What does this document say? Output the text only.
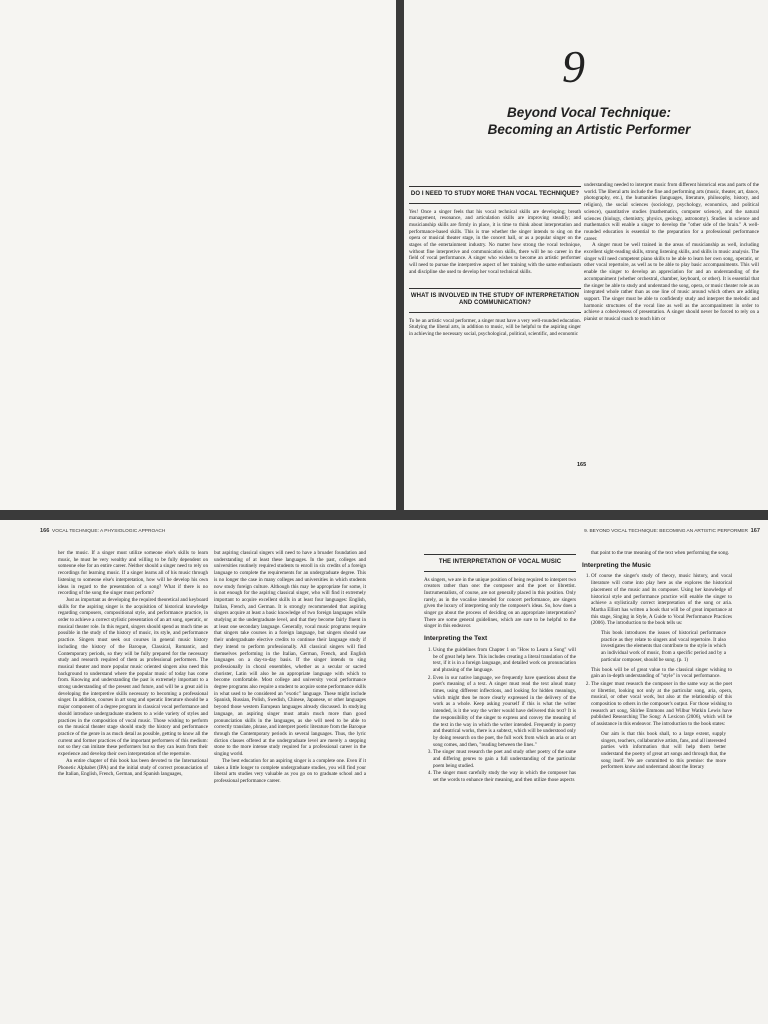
9
Beyond Vocal Technique:
Becoming an Artistic Performer
DO I NEED TO STUDY MORE THAN VOCAL TECHNIQUE?

Yes! Once a singer feels that his vocal technical skills are developing; breath management, resonance, and articulation skills are improving steadily; and musicianship skills are firmly in place, it is time to think about interpretation and performance-based skills. This is true whether the singer intends to sing on the opera or musical theater stage, in the concert hall, or as a popular singer on the stages of the entertainment industry. No matter how strong the vocal technique, without fine interpretive and communication skills, there will be no career in the field of vocal performance. A singer who wishes to become an artistic performer will need to pursue the interpretive aspect of her training with the same enthusiasm and discipline she used to develop her vocal technical skills.

WHAT IS INVOLVED IN THE STUDY OF INTERPRETATION AND COMMUNICATION?

To be an artistic vocal performer, a singer must have a very well-rounded education. Studying the liberal arts, in addition to music, will be helpful to the aspiring singer in achieving the necessary social, psychological, political, scientific, and economic

understanding needed to interpret music from different historical eras and parts of the world. The liberal arts include the fine and performing arts (music, theater, art, dance, photography, etc.), the humanities (languages, literature, philosophy, history, and religion), the social sciences (sociology, psychology, economics, and political science), quantitative studies (mathematics, computer science), and the natural sciences (biology, chemistry, physics, geology, astronomy). Studies in science and mathematics will enable a singer to develop the "other side of the brain." A well-rounded education is essential to the preparation for a professional performance career.

A singer must be well trained in the areas of musicianship as well, including excellent sight-reading skills, strong listening skills, and skills in music analysis. The singer will need competent piano skills to be able to learn her own song, operatic, or other vocal repertoire, as well as to be able to play basic accompaniments. This will enable the singer to develop an appreciation for and an understanding of the accompaniment (whether orchestral, chamber, keyboard, or other). It is essential that the singer be able to study and understand the song, opera, or music theater role as an integrated whole rather than as one line of music around which others are adding support. The singer must be able to confidently study and interpret the melodic and harmonic structures of the vocal line as well as the accompaniment in order to achieve a cohesiveness of presentation. A singer should never be forced to rely on a pianist or musical coach to teach him or

165
166 VOCAL TECHNIQUE: A PHYSIOLOGIC APPROACH

her the music. If a singer must utilize someone else's skills to learn music, he must be very wealthy and willing to be fully dependent on someone else for an entire career. Neither should a singer need to rely on recordings for learning music. If a singer learns all of his music through listening to someone else's interpretation, how will he develop his own ideas in regard to the presentation of a song? What if there is no recording of the song the singer must perform?

Just as important as developing the required theoretical and keyboard skills for the aspiring singer is the acquisition of historical knowledge regarding composers, compositional style, and performance practice, in order to achieve a correct stylistic presentation of an art song, operatic, or musical theater role. In this regard, singers should spend as much time as possible in the study of the history of music, its style, and performance practice. Singers must seek out courses in general music history including the history of the Baroque, Classical, Romantic, and Contemporary periods, so they will be fully prepared for the necessary study and research required of them as professional performers. The musical theater and more popular music oriented singers also need this background to understand where the popular music of today has come from. Knowing and understanding the past is extremely important to a strong understanding of the present and future, and will be a great aid in developing the interpretive skills necessary to becoming a professional singer. In addition, courses in art song and operatic literature should be a major component of a degree program in classical vocal performance and should introduce undergraduate students to a wide variety of styles and practices in the composition of vocal music. Those wishing to perform on the musical theater stage should study the history and performance practice of the genre in as much detail as possible, getting to know all the current and former practices of the important performers of this medium: not so they can imitate these performers but so they can learn from their experience and develop their own interpretation of the repertoire.

An entire chapter of this book has been devoted to the International Phonetic Alphabet (IPA) and the initial study of correct pronunciation of the Italian, English, French, German, and Spanish languages,

but aspiring classical singers will need to have a broader foundation and understanding of at least these languages. In the past, colleges and universities routinely required students to enroll in six credits of a foreign language to complete the requirements for an undergraduate degree. This is no longer the case in many colleges and universities in which students now study foreign culture. Although this may be appropriate for some, it is not enough for the aspiring classical singer, who will find it extremely important to acquire excellent skills in at least four languages: English, Italian, French, and German. It is strongly recommended that aspiring singers acquire at least a basic knowledge of two foreign languages while studying at the undergraduate level, and that they become fairly fluent in at least one secondary language. Generally, vocal music programs require that singers take courses in a foreign language, but singers should use their undergraduate elective credits to continue their language study if they intend to perform professionally. All classical singers will find themselves performing in the Italian, German, French, and English languages on a day-to-day basis. If the singer intends to sing professionally in choral ensembles, whether as a secular or sacred chorister, Latin will also be an appropriate language with which to become comfortable. Most college and university vocal performance degree programs also require a student to acquire some performance skills in what used to be considered an "exotic" language. These might include Spanish, Russian, Polish, Swedish, Chinese, Japanese, or other languages beyond those western European languages already discussed. In studying language, an aspiring singer must attain much more than good pronunciation skills in the languages, as she will need to be able to correctly translate, phrase, and interpret poetic literature from the Baroque through the Contemporary periods in several languages. Thus, the lyric diction classes offered at the undergraduate level are merely a stepping stone to the more intense study required for a professional career in the singing world.

The best education for an aspiring singer is a complete one. Even if it takes a little longer to complete undergraduate studies, you will find your liberal arts studies very valuable as you go on to graduate school and a professional performance career.

9. BEYOND VOCAL TECHNIQUE: BECOMING AN ARTISTIC PERFORMER 167
THE INTERPRETATION OF VOCAL MUSIC

As singers, we are in the unique position of being required to interpret two creators rather than one: the composer and the poet or librettist. Instrumentalists, of course, are not generally placed in this position. Only rarely, as in the vocalise intended for concert performance, are singers given the luxury of interpreting only the composer's ideas. So, how does a singer go about the process of deciding on an appropriate interpretation? There are some general guidelines, which are sure to be helpful to the singer in this endeavor.

Interpreting the Text
1. Using the guidelines from Chapter 1 on "How to Learn a Song" will be of great help here. This includes creating a literal translation of the text, if it is in a foreign language, and detailed work on pronunciation and phrasing of the language.
2. Even in our native language, we frequently have questions about the poet's meaning of a text. A singer must read the text aloud many times, using different inflections, and looking for hidden meanings, which might then be more clearly expressed in the delivery of the work as a whole. Keep asking yourself if this is what the writer intended, is it the way the writer would have delivered this text? It is the responsibility of the singer to express and convey the meaning of the text in the way in which the writer intended. Frequently in poetry and theatrical works, there is a subtext, which will be understood only by doing research on the poet, the full work from which an aria or art song comes, and then, "reading between the lines."
3. The singer must research the poet and study other poetry of the same and differing genres to gain a full understanding of the particular poem being studied.
4. The singer must carefully study the way in which the composer has set the words to enhance their meaning, and then utilize those aspects

that point to the true meaning of the text when performing the song.

Interpreting the Music
1. Of course the singer's study of theory, music history, and vocal literature will come into play here as she explores the historical placement of the music and its composer. Using her knowledge of historical style and performance practice will enable the singer to achieve a stylistically correct interpretation of the song or aria. Martha Elliott has written a book that will be of great importance at this stage, Singing in Style, A Guide to Vocal Performance Practices (2006). The introduction to the book tells us:
This book introduces the issues of historical performance practice as they relate to singers and vocal repertoire. It also investigates the elements that contribute to the style in which an individual work of music, from a specific period and by a particular composer, should be sung. (p. 1)
This book will be of great value to the classical singer wishing to gain an in-depth understanding of "style" in vocal performance.
2. The singer must research the composer in the same way as the poet or librettist, looking not only at the particular song, aria, opera, musical, or other vocal work, but also at the relationship of this composition to others in the composer's output. For those wishing to research art song, Shirlee Emmons and Wilbur Watkin Lewis have published Researching The Song: A Lexicon (2006), which will be of assistance in this endeavor. The introduction to the book states:
Our aim is that this book shall, to a large extent, supply singers, teachers, collaborative artists, fans, and all interested parties with information that will help them better understand the poetry of great art songs and through that, the song itself. We are committed to this premise: the more performers know and understand about the literary
